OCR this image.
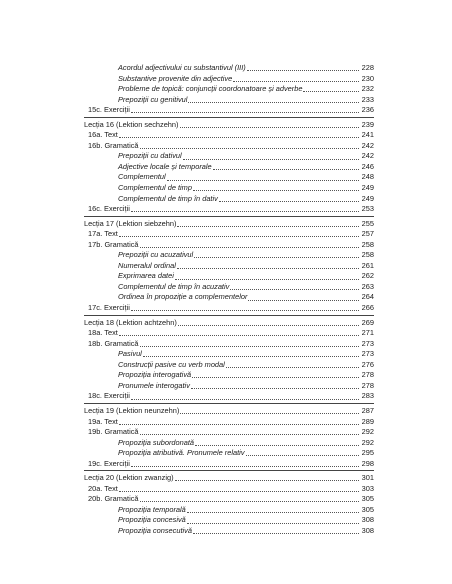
Acordul adjectivului cu substantivul (III)	228
Substantive provenite din adjective	230
Probleme de topică: conjuncții coordonatoare și adverbe	232
Prepoziții cu genitivul	233
15c. Exerciții	236
Lecția 16 (Lektion sechzehn)	239
16a. Text	241
16b. Gramatică	242
Prepoziții cu dativul	242
Adjective locale și temporale	246
Complementul	248
Complementul de timp	249
Complementul de timp în dativ	249
16c. Exerciții	253
Lecția 17 (Lektion siebzehn)	255
17a. Text	257
17b. Gramatică	258
Prepoziții cu acuzativul	258
Numeralul ordinal	261
Exprimarea datei	262
Complementul de timp în acuzativ	263
Ordinea în propoziție a complementelor	264
17c. Exerciții	266
Lecția 18 (Lektion achtzehn)	269
18a. Text	271
18b. Gramatică	273
Pasivul	273
Construcții pasive cu verb modal	276
Propoziția interogativă	278
Pronumele interogativ	278
18c. Exerciții	283
Lecția 19 (Lektion neunzehn)	287
19a. Text	289
19b. Gramatică	292
Propoziția subordonată	292
Propoziția atributivă. Pronumele relativ	295
19c. Exerciții	298
Lecția 20 (Lektion zwanzig)	301
20a. Text	303
20b. Gramatică	305
Propoziția temporală	305
Propoziția concesivă	308
Propoziția consecutivă	308
